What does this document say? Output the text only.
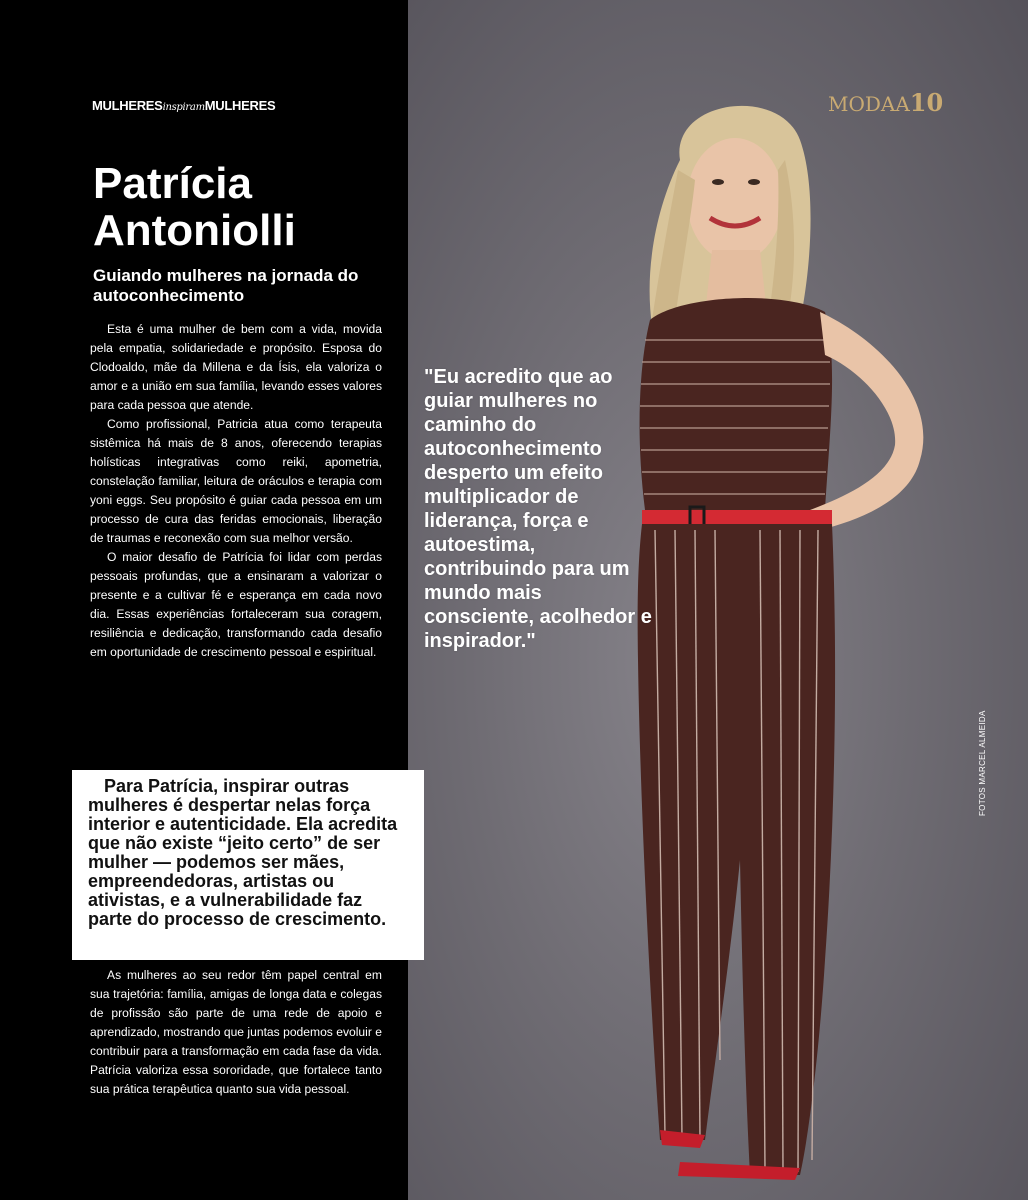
MULHERESinspiramMULHERES
Patrícia
Antoniolli
Guiando mulheres na jornada do autoconhecimento

Esta é uma mulher de bem com a vida, movida pela empatia, solidariedade e propósito. Esposa do Clodoaldo, mãe da Millena e da Ísis, ela valoriza o amor e a união em sua família, levando esses valores para cada pessoa que atende.

Como profissional, Patricia atua como terapeuta sistêmica há mais de 8 anos, oferecendo terapias holísticas integrativas como reiki, apometria, constelação familiar, leitura de oráculos e terapia com yoni eggs. Seu propósito é guiar cada pessoa em um processo de cura das feridas emocionais, liberação de traumas e reconexão com sua melhor versão.

O maior desafio de Patrícia foi lidar com perdas pessoais profundas, que a ensinaram a valorizar o presente e a cultivar fé e esperança em cada novo dia. Essas experiências fortaleceram sua coragem, resiliência e dedicação, transformando cada desafio em oportunidade de crescimento pessoal e espiritual.

Para Patrícia, inspirar outras mulheres é despertar nelas força interior e autenticidade. Ela acredita que não existe “jeito certo” de ser mulher — podemos ser mães, empreendedoras, artistas ou ativistas, e a vulnerabilidade faz parte do processo de crescimento.

As mulheres ao seu redor têm papel central em sua trajetória: família, amigas de longa data e colegas de profissão são parte de uma rede de apoio e aprendizado, mostrando que juntas podemos evoluir e contribuir para a transformação em cada fase da vida. Patrícia valoriza essa sororidade, que fortalece tanto sua prática terapêutica quanto sua vida pessoal.

MODAA10
"Eu acredito que ao guiar mulheres no caminho do autoconhecimento desperto um efeito multiplicador de liderança, força e autoestima, contribuindo para um mundo mais consciente, acolhedor e inspirador."
FOTOS MARCEL ALMEIDA
